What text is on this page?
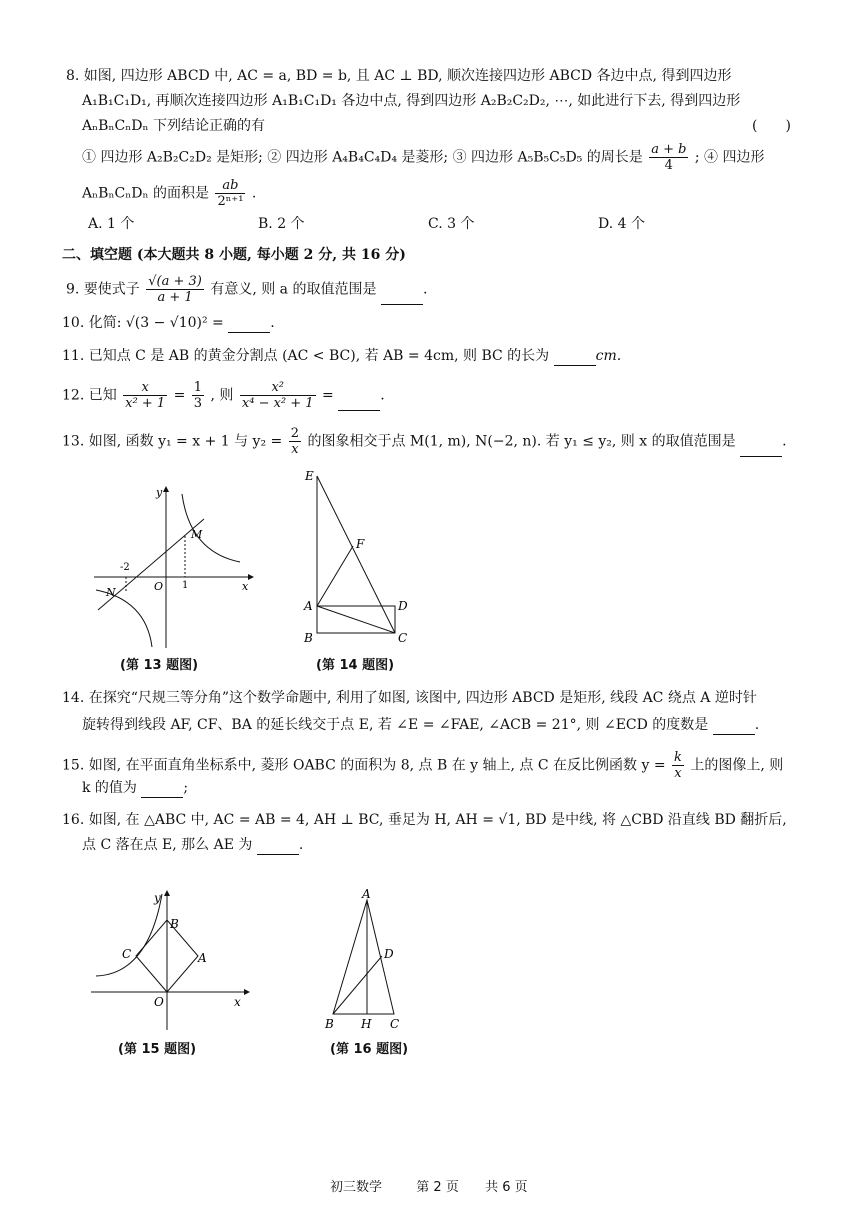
8. 如图, 四边形 ABCD 中, AC = a, BD = b, 且 AC ⊥ BD, 顺次连接四边形 ABCD 各边中点, 得到四边形
A₁B₁C₁D₁, 再顺次连接四边形 A₁B₁C₁D₁ 各边中点, 得到四边形 A₂B₂C₂D₂, ⋯, 如此进行下去, 得到四边形
AₙBₙCₙDₙ 下列结论正确的有	(　　)
① 四边形 A₂B₂C₂D₂ 是矩形; ② 四边形 A₄B₄C₄D₄ 是菱形; ③ 四边形 A₅B₅C₅D₅ 的周长是 $\frac{a + b}{4}$ ; ④ 四边形
AₙBₙCₙDₙ 的面积是 $\frac{ab}{\text{2ⁿ⁺¹}}$ .
A. 1 个	B. 2 个	C. 3 个	D. 4 个
二、填空题 (本大题共 8 小题, 每小题 2 分, 共 16 分)
9. 要使式子 $\frac{√(a + 3)}{a + 1}$ 有意义, 则 a 的取值范围是	.
10. 化简: √(3 − √10)² =	.
11. 已知点 C 是 AB 的黄金分割点 (AC < BC), 若 AB = 4cm, 则 BC 的长为	cm.
12. 已知 $\frac{x}{\text{x² + 1}} = \frac{1}{3}$ , 则 $\frac{\text{x²}}{\text{x⁴ − x² + 1}}$ =	.
13. 如图, 函数 y₁ = x + 1 与 $y_2 = \frac{2}{x}$ 的图象相交于点 M(1, m), N(−2, n). 若 y₁ ≤ y₂, 则 x 的取值范围是	.
y
x
O
M
N
-2
1
(第 13 题图)
E
F
A	D
B	C
(第 14 题图)
14. 在探究“尺规三等分角”这个数学命题中, 利用了如图, 该图中, 四边形 ABCD 是矩形, 线段 AC 绕点 A 逆时针
旋转得到线段 AF, CF、BA 的延长线交于点 E, 若 ∠E = ∠FAE, ∠ACB = 21°, 则 ∠ECD 的度数是	.
15. 如图, 在平面直角坐标系中, 菱形 OABC 的面积为 8, 点 B 在 y 轴上, 点 C 在反比例函数 $y = \frac{k}{x}$ 上的图像上, 则
k 的值为	;
16. 如图, 在 △ABC 中, AC = AB = 4, AH ⊥ BC, 垂足为 H, AH = √1, BD 是中线, 将 △CBD 沿直线 BD 翻折后,
点 C 落在点 E, 那么 AE 为	.
y
x
O
B
C	A
(第 15 题图)
A
D
B H C
(第 16 题图)
初三数学	第 2 页 共 6 页
